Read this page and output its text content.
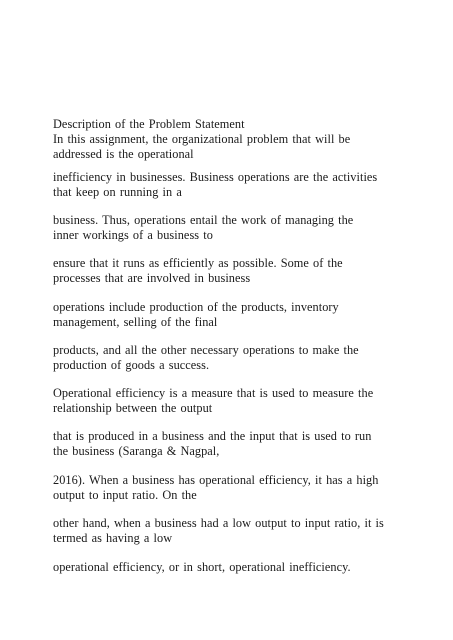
Description of the Problem Statement
In this assignment, the organizational problem that will be
addressed is the operational
inefficiency in businesses. Business operations are the activities
that keep on running in a
business. Thus, operations entail the work of managing the
inner workings of a business to
ensure that it runs as efficiently as possible. Some of the
processes that are involved in business
operations include production of the products, inventory
management, selling of the final
products, and all the other necessary operations to make the
production of goods a success.
Operational efficiency is a measure that is used to measure the
relationship between the output
that is produced in a business and the input that is used to run
the business (Saranga & Nagpal,
2016). When a business has operational efficiency, it has a high
output to input ratio. On the
other hand, when a business had a low output to input ratio, it is
termed as having a low
operational efficiency, or in short, operational inefficiency.
